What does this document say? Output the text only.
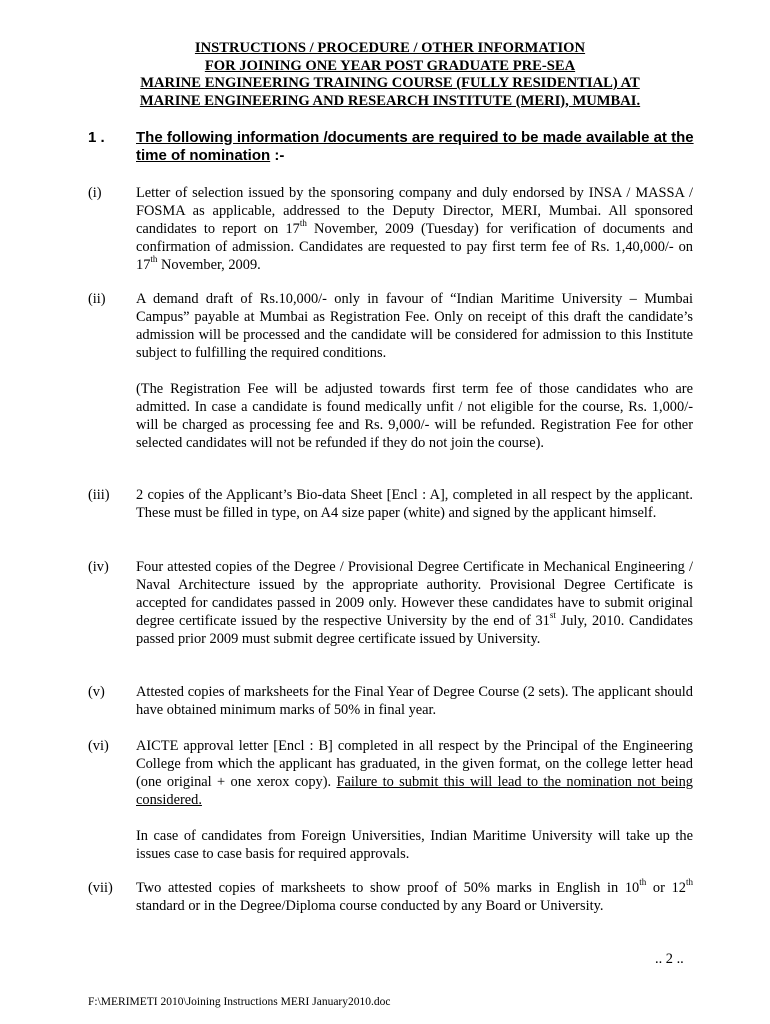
INSTRUCTIONS / PROCEDURE / OTHER INFORMATION
FOR JOINING ONE YEAR POST GRADUATE PRE-SEA
MARINE ENGINEERING TRAINING COURSE (FULLY RESIDENTIAL) AT
MARINE ENGINEERING AND RESEARCH INSTITUTE (MERI), MUMBAI.
1 . The following information /documents are required to be made available at the time of nomination :-
(i)	Letter of selection issued by the sponsoring company and duly endorsed by INSA / MASSA / FOSMA as applicable, addressed to the Deputy Director, MERI, Mumbai. All sponsored candidates to report on 17th November, 2009 (Tuesday) for verification of documents and confirmation of admission. Candidates are requested to pay first term fee of Rs. 1,40,000/- on 17th November, 2009.

(ii)	A demand draft of Rs.10,000/- only in favour of “Indian Maritime University – Mumbai Campus” payable at Mumbai as Registration Fee. Only on receipt of this draft the candidate’s admission will be processed and the candidate will be considered for admission to this Institute subject to fulfilling the required conditions.

(The Registration Fee will be adjusted towards first term fee of those candidates who are admitted. In case a candidate is found medically unfit / not eligible for the course, Rs. 1,000/- will be charged as processing fee and Rs. 9,000/- will be refunded. Registration Fee for other selected candidates will not be refunded if they do not join the course).

(iii)	2 copies of the Applicant’s Bio-data Sheet [Encl : A], completed in all respect by the applicant. These must be filled in type, on A4 size paper (white) and signed by the applicant himself.

(iv)	Four attested copies of the Degree / Provisional Degree Certificate in Mechanical Engineering / Naval Architecture issued by the appropriate authority. Provisional Degree Certificate is accepted for candidates passed in 2009 only. However these candidates have to submit original degree certificate issued by the respective University by the end of 31st July, 2010. Candidates passed prior 2009 must submit degree certificate issued by University.

(v)	Attested copies of marksheets for the Final Year of Degree Course (2 sets). The applicant should have obtained minimum marks of 50% in final year.

(vi)	AICTE approval letter [Encl : B] completed in all respect by the Principal of the Engineering College from which the applicant has graduated, in the given format, on the college letter head (one original + one xerox copy). Failure to submit this will lead to the nomination not being considered.

In case of candidates from Foreign Universities, Indian Maritime University will take up the issues case to case basis for required approvals.

(vii)	Two attested copies of marksheets to show proof of 50% marks in English in 10th or 12th standard or in the Degree/Diploma course conducted by any Board or University.

.. 2 ..
F:\MERIMETI 2010\Joining Instructions MERI January2010.doc
